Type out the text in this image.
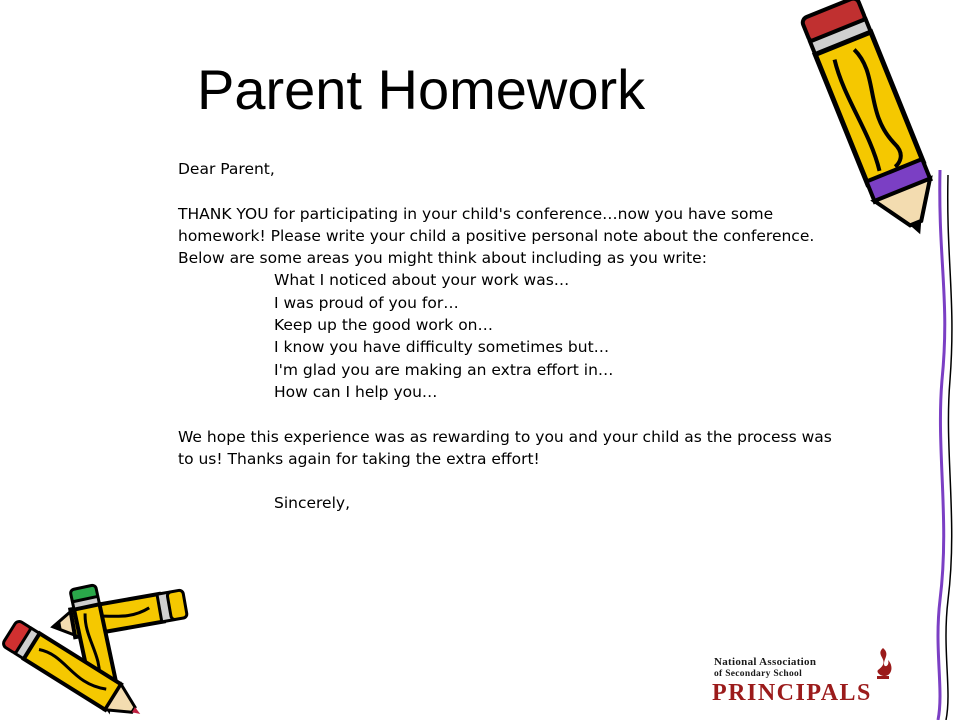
Parent Homework

Dear Parent,

THANK YOU for participating in your child's conference…now you have some homework! Please write your child a positive personal note about the conference. Below are some areas you might think about including as you write:

What I noticed about your work was…
I was proud of you for…
Keep up the good work on…
I know you have difficulty sometimes but…
I'm glad you are making an extra effort in…
How can I help you…

We hope this experience was as rewarding to you and your child as the process was to us! Thanks again for taking the extra effort!

Sincerely,

National Association
of Secondary School
PRINCIPALS
